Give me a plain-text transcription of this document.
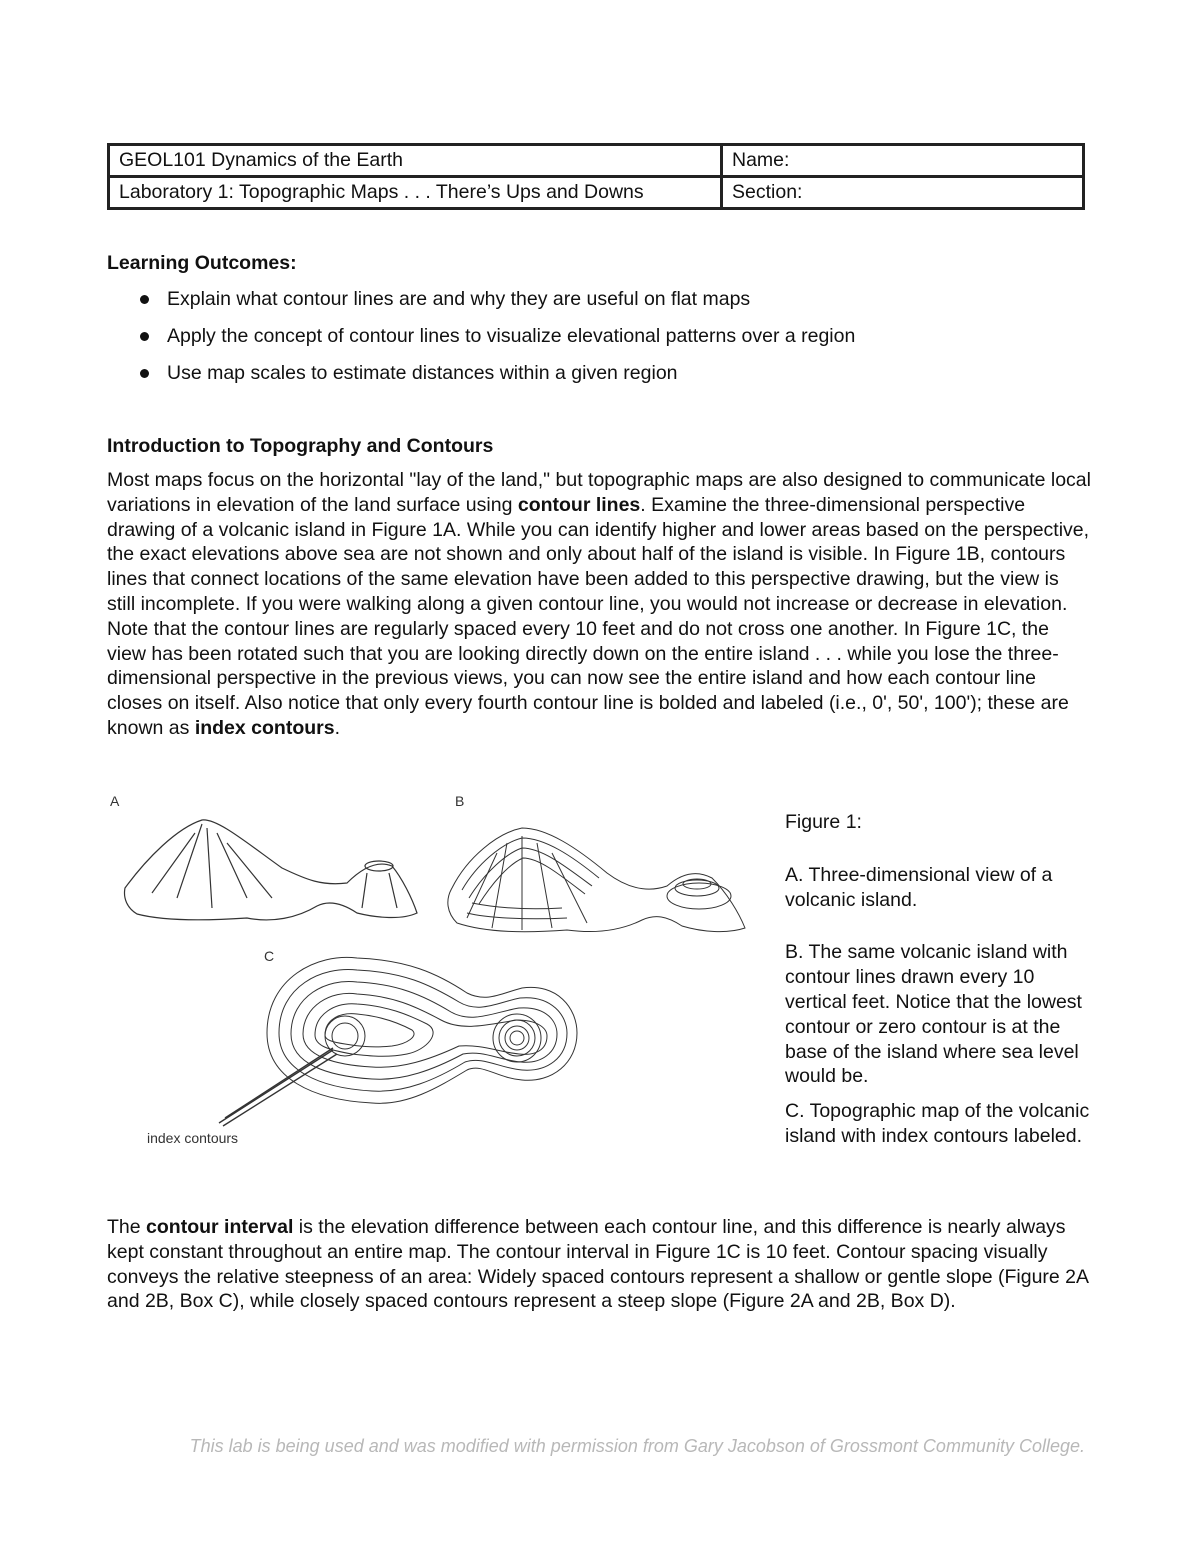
GEOL101 Dynamics of the Earth	Name:
Laboratory 1: Topographic Maps . . . There’s Ups and Downs	Section:
Learning Outcomes:
Explain what contour lines are and why they are useful on flat maps
Apply the concept of contour lines to visualize elevational patterns over a region
Use map scales to estimate distances within a given region
Introduction to Topography and Contours

Most maps focus on the horizontal "lay of the land," but topographic maps are also designed to communicate local variations in elevation of the land surface using contour lines. Examine the three-dimensional perspective drawing of a volcanic island in Figure 1A. While you can identify higher and lower areas based on the perspective, the exact elevations above sea are not shown and only about half of the island is visible. In Figure 1B, contours lines that connect locations of the same elevation have been added to this perspective drawing, but the view is still incomplete. If you were walking along a given contour line, you would not increase or decrease in elevation. Note that the contour lines are regularly spaced every 10 feet and do not cross one another. In Figure 1C, the view has been rotated such that you are looking directly down on the entire island . . . while you lose the three-dimensional perspective in the previous views, you can now see the entire island and how each contour line closes on itself. Also notice that only every fourth contour line is bolded and labeled (i.e., 0', 50', 100'); these are known as index contours.

A	B
C
index contours

Figure 1:

A. Three-dimensional view of a volcanic island.

B. The same volcanic island with contour lines drawn every 10 vertical feet. Notice that the lowest contour or zero contour is at the base of the island where sea level would be.

C. Topographic map of the volcanic island with index contours labeled.

The contour interval is the elevation difference between each contour line, and this difference is nearly always kept constant throughout an entire map. The contour interval in Figure 1C is 10 feet. Contour spacing visually conveys the relative steepness of an area: Widely spaced contours represent a shallow or gentle slope (Figure 2A and 2B, Box C), while closely spaced contours represent a steep slope (Figure 2A and 2B, Box D).

This lab is being used and was modified with permission from Gary Jacobson of Grossmont Community College.
